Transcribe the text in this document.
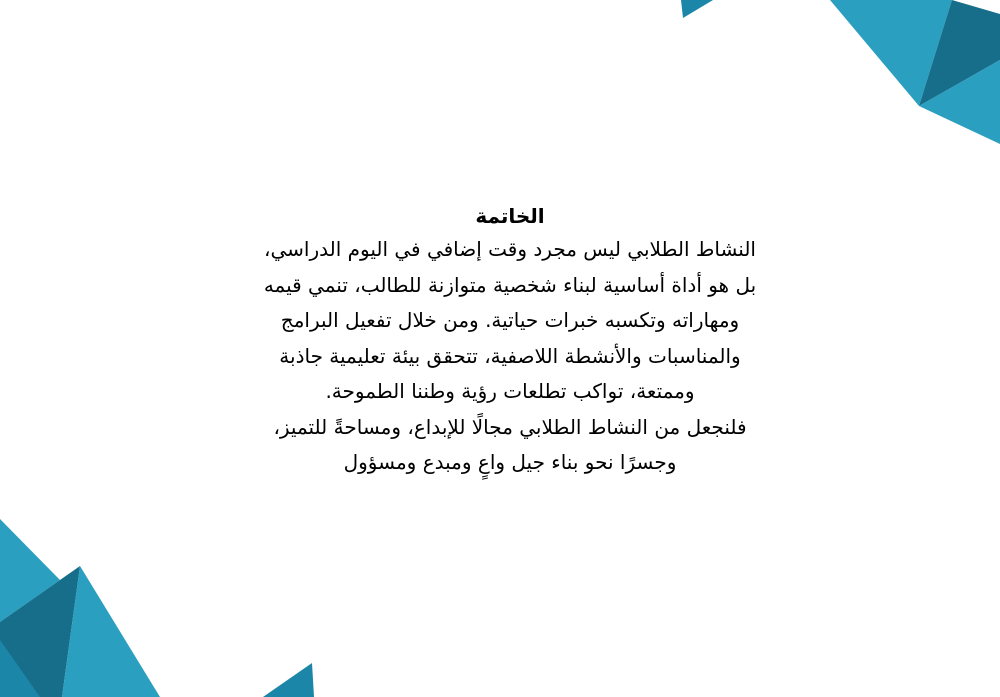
الخاتمة
النشاط الطلابي ليس مجرد وقت إضافي في اليوم الدراسي،
بل هو أداة أساسية لبناء شخصية متوازنة للطالب، تنمي قيمه
ومهاراته وتكسبه خبرات حياتية. ومن خلال تفعيل البرامج
والمناسبات والأنشطة اللاصفية، تتحقق بيئة تعليمية جاذبة
وممتعة، تواكب تطلعات رؤية وطننا الطموحة.
فلنجعل من النشاط الطلابي مجالًا للإبداع، ومساحةً للتميز،
وجسرًا نحو بناء جيل واعٍ ومبدع ومسؤول
